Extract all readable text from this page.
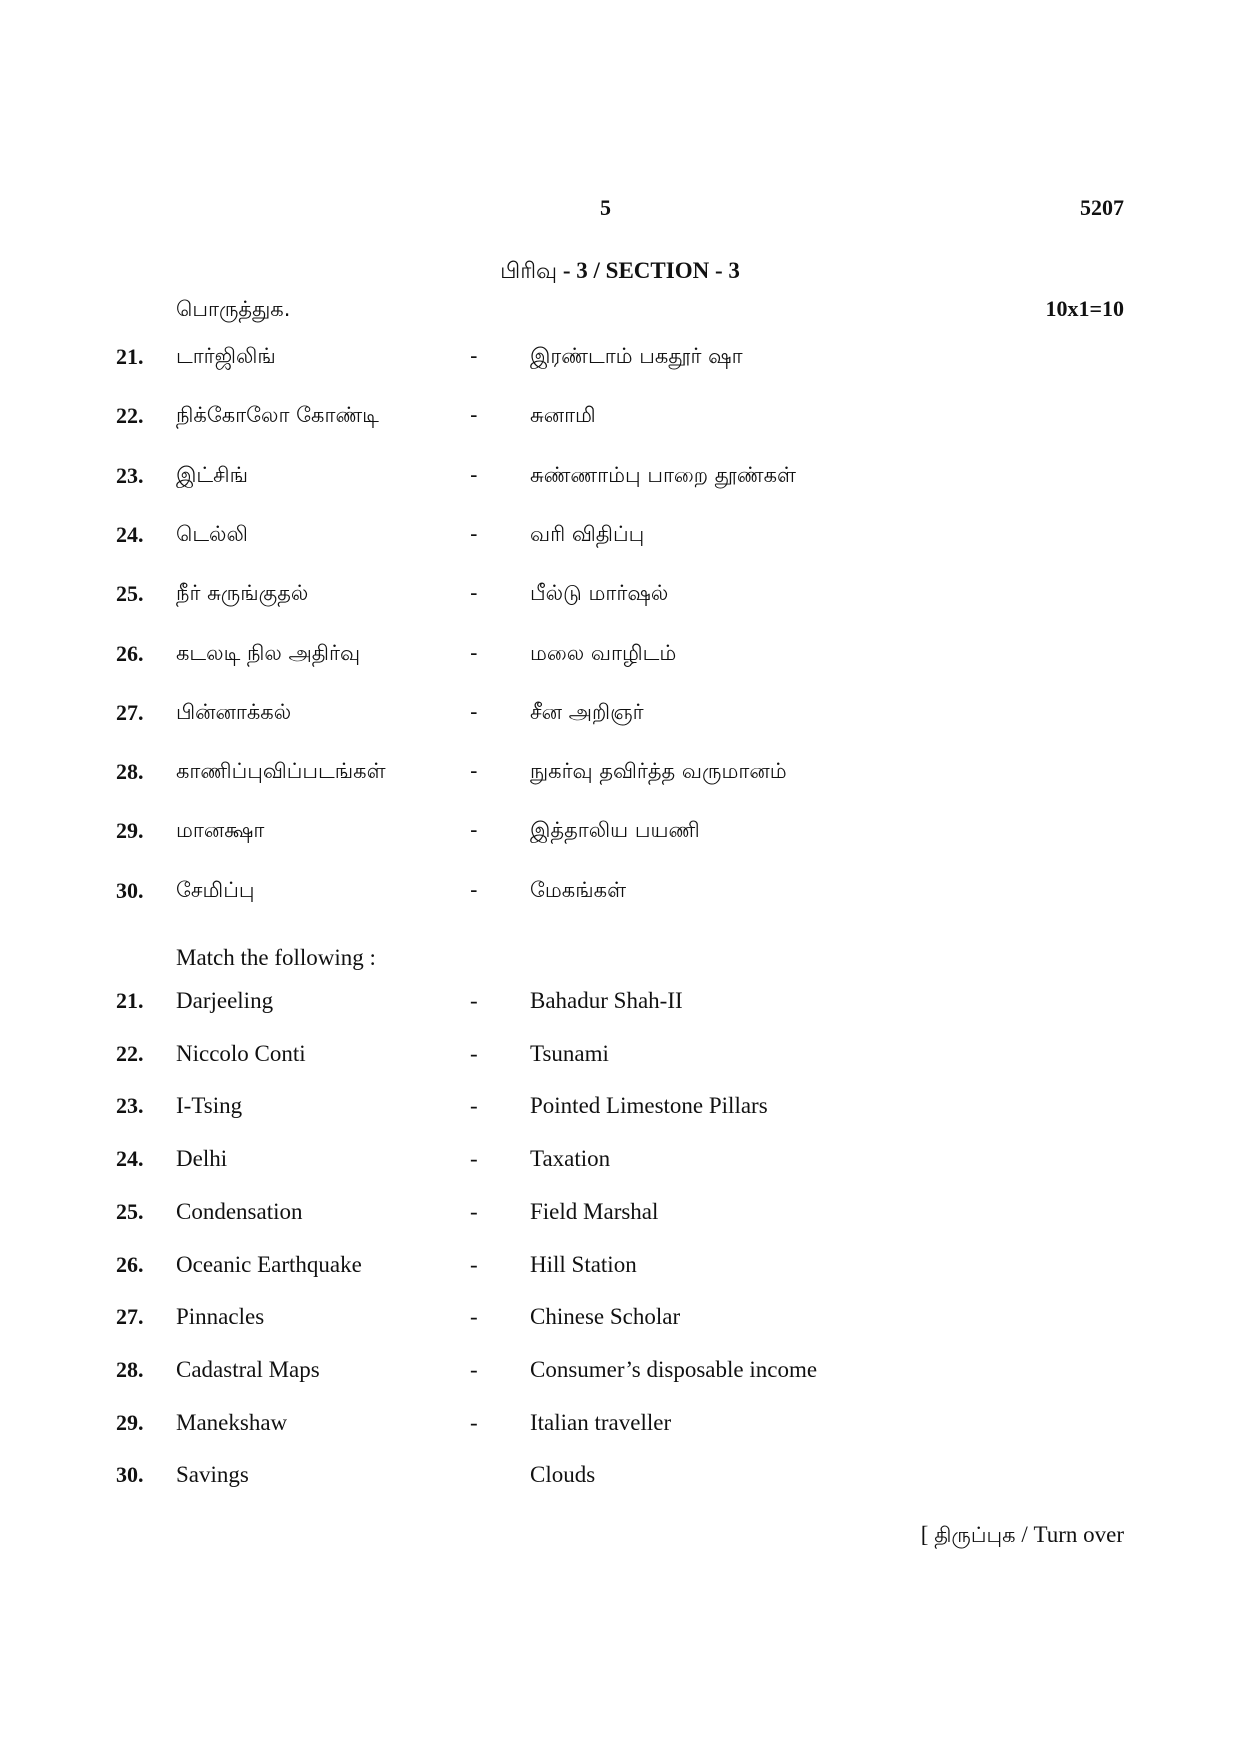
5	5207
பிரிவு - 3 / SECTION - 3
பொருத்துக.	10x1=10
21. டார்ஜிலிங்	- இரண்டாம் பகதூர் ஷா
22. நிக்கோலோ கோண்டி	- சுனாமி
23. இட்சிங்	- சுண்ணாம்பு பாறை தூண்கள்
24. டெல்லி	- வரி விதிப்பு
25. நீர் சுருங்குதல்	- பீல்டு மார்ஷல்
26. கடலடி நில அதிர்வு	- மலை வாழிடம்
27. பின்னாக்கல்	- சீன அறிஞர்
28. காணிப்புவிப்படங்கள்	- நுகர்வு தவிர்த்த வருமானம்
29. மானக்ஷா	- இத்தாலிய பயணி
30. சேமிப்பு	- மேகங்கள்
Match the following :
21. Darjeeling	- Bahadur Shah-II
22. Niccolo Conti	- Tsunami
23. I-Tsing	- Pointed Limestone Pillars
24. Delhi	- Taxation
25. Condensation	- Field Marshal
26. Oceanic Earthquake	- Hill Station
27. Pinnacles	- Chinese Scholar
28. Cadastral Maps	- Consumer’s disposable income
29. Manekshaw	- Italian traveller
30. Savings	Clouds
[ திருப்புக / Turn over
